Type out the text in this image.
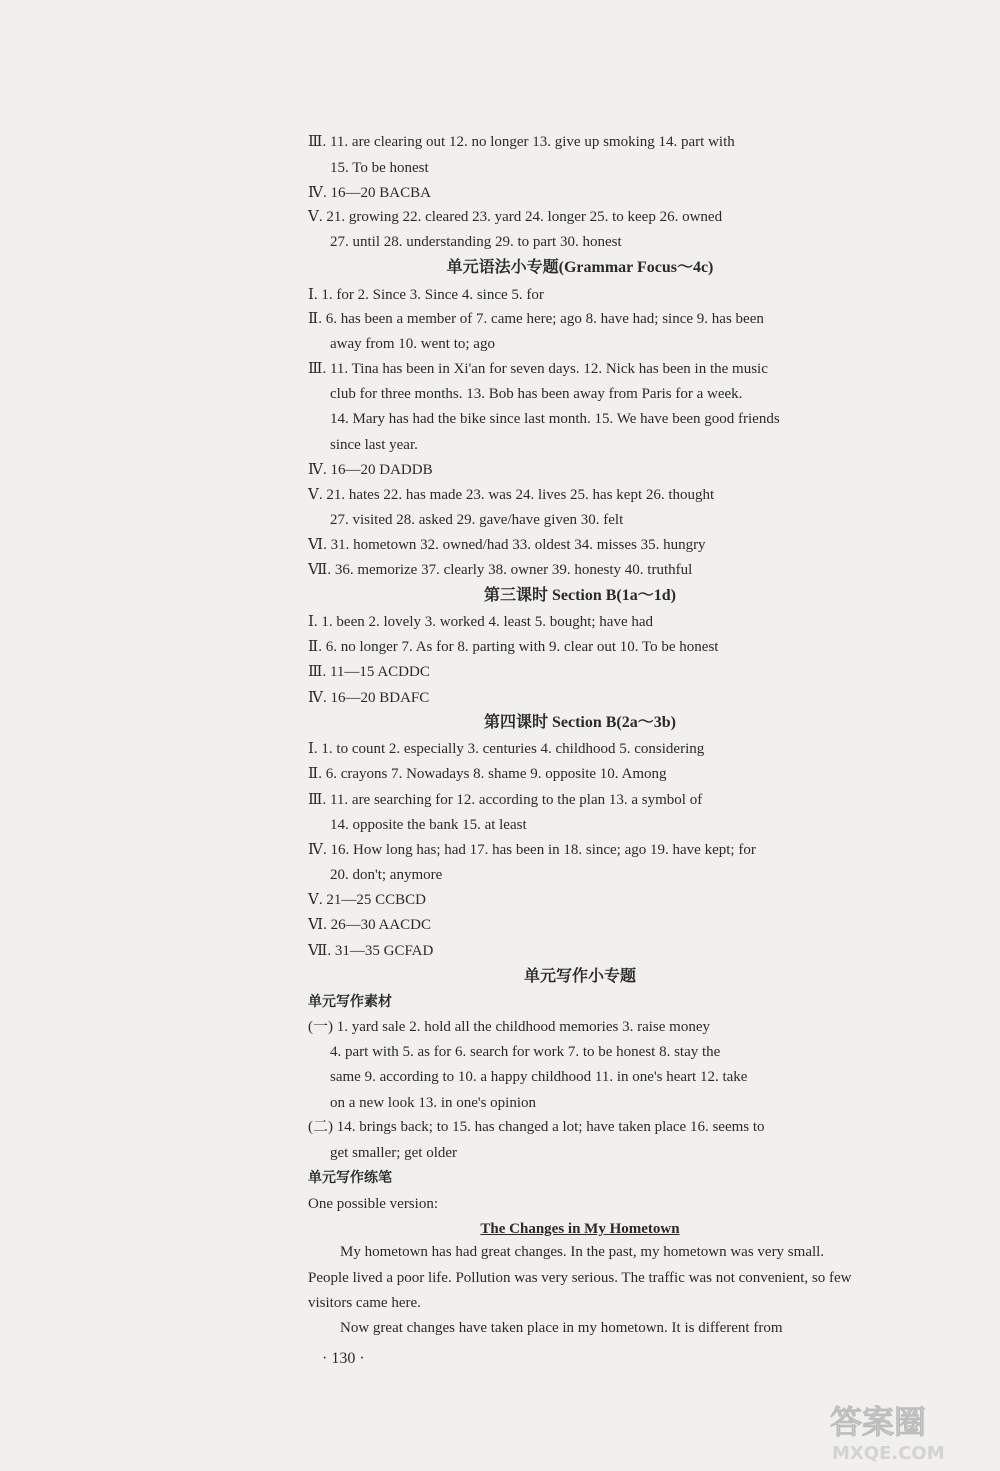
Ⅲ. 11. are clearing out 12. no longer 13. give up smoking 14. part with
15. To be honest
Ⅳ. 16—20 BACBA
Ⅴ. 21. growing 22. cleared 23. yard 24. longer 25. to keep 26. owned
27. until 28. understanding 29. to part 30. honest
单元语法小专题(Grammar Focus～4c)
Ⅰ. 1. for 2. Since 3. Since 4. since 5. for
Ⅱ. 6. has been a member of 7. came here; ago 8. have had; since 9. has been
away from 10. went to; ago
Ⅲ. 11. Tina has been in Xi'an for seven days. 12. Nick has been in the music
club for three months. 13. Bob has been away from Paris for a week.
14. Mary has had the bike since last month. 15. We have been good friends
since last year.
Ⅳ. 16—20 DADDB
Ⅴ. 21. hates 22. has made 23. was 24. lives 25. has kept 26. thought
27. visited 28. asked 29. gave/have given 30. felt
Ⅵ. 31. hometown 32. owned/had 33. oldest 34. misses 35. hungry
Ⅶ. 36. memorize 37. clearly 38. owner 39. honesty 40. truthful
第三课时 Section B(1a～1d)
Ⅰ. 1. been 2. lovely 3. worked 4. least 5. bought; have had
Ⅱ. 6. no longer 7. As for 8. parting with 9. clear out 10. To be honest
Ⅲ. 11—15 ACDDC
Ⅳ. 16—20 BDAFC
第四课时 Section B(2a～3b)
Ⅰ. 1. to count 2. especially 3. centuries 4. childhood 5. considering
Ⅱ. 6. crayons 7. Nowadays 8. shame 9. opposite 10. Among
Ⅲ. 11. are searching for 12. according to the plan 13. a symbol of
14. opposite the bank 15. at least
Ⅳ. 16. How long has; had 17. has been in 18. since; ago 19. have kept; for
20. don't; anymore
Ⅴ. 21—25 CCBCD
Ⅵ. 26—30 AACDC
Ⅶ. 31—35 GCFAD
单元写作小专题
单元写作素材
(一) 1. yard sale 2. hold all the childhood memories 3. raise money
4. part with 5. as for 6. search for work 7. to be honest 8. stay the
same 9. according to 10. a happy childhood 11. in one's heart 12. take
on a new look 13. in one's opinion
(二) 14. brings back; to 15. has changed a lot; have taken place 16. seems to
get smaller; get older
单元写作练笔
One possible version:
The Changes in My Hometown
My hometown has had great changes. In the past, my hometown was very small. People lived a poor life. Pollution was very serious. The traffic was not convenient, so few visitors came here.
Now great changes have taken place in my hometown. It is different from
· 130 ·
答案圈
MXQE.COM
